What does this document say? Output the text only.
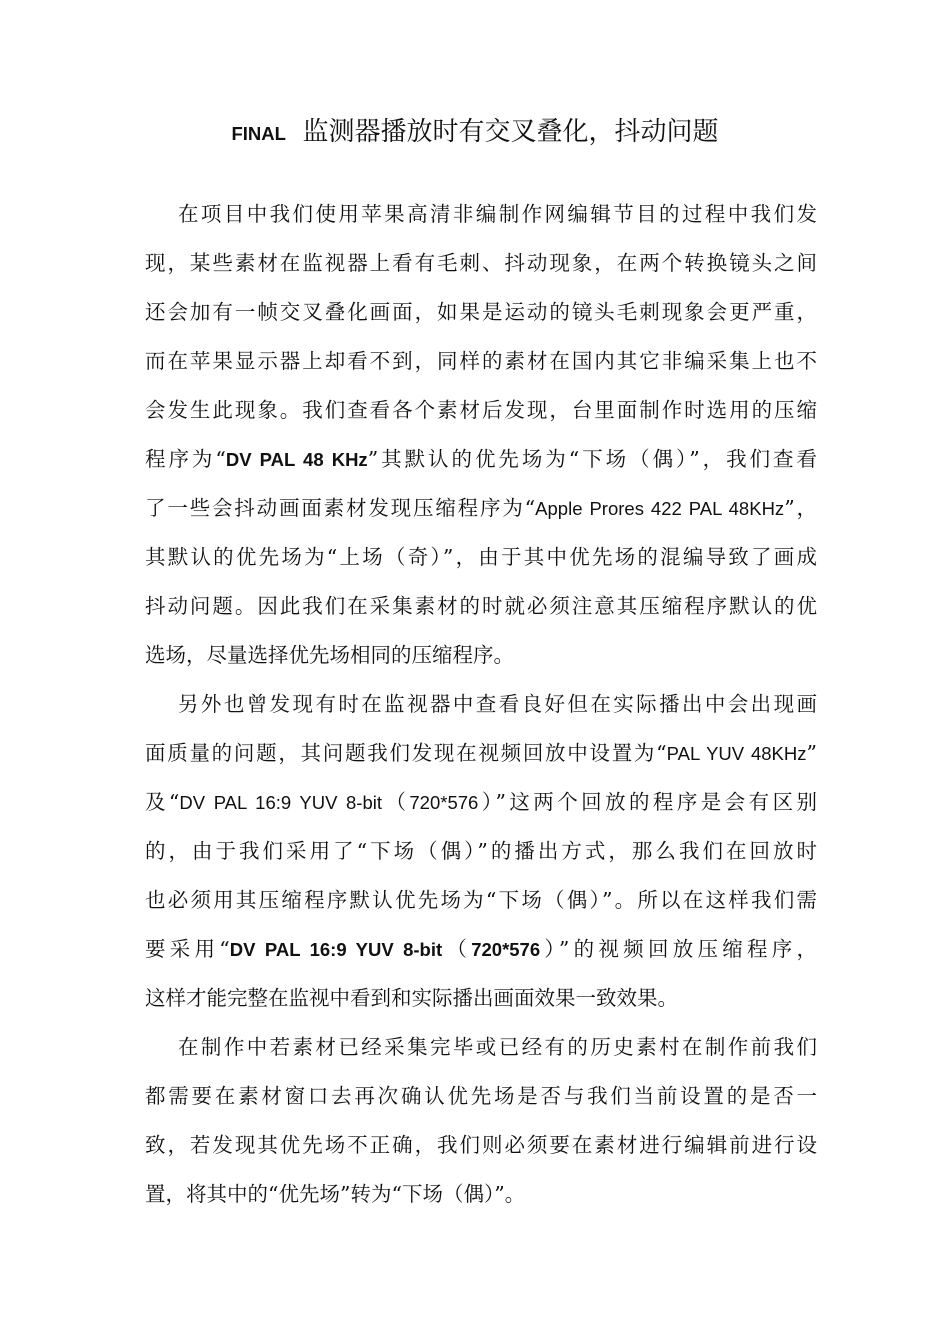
FINAL 监测器播放时有交叉叠化，抖动问题
在项目中我们使用苹果高清非编制作网编辑节目的过程中我们发
现，某些素材在监视器上看有毛刺、抖动现象，在两个转换镜头之间
还会加有一帧交叉叠化画面，如果是运动的镜头毛刺现象会更严重，
而在苹果显示器上却看不到，同样的素材在国内其它非编采集上也不
会发生此现象。我们查看各个素材后发现，台里面制作时选用的压缩
程序为“DV PAL 48 KHz”其默认的优先场为“下场（偶）”，我们查看
了一些会抖动画面素材发现压缩程序为“Apple Prores 422 PAL 48KHz”，
其默认的优先场为“上场（奇）”，由于其中优先场的混编导致了画成
抖动问题。因此我们在采集素材的时就必须注意其压缩程序默认的优
选场，尽量选择优先场相同的压缩程序。
另外也曾发现有时在监视器中查看良好但在实际播出中会出现画
面质量的问题，其问题我们发现在视频回放中设置为“PAL YUV 48KHz”
及“DV PAL 16:9 YUV 8-bit（720*576）”这两个回放的程序是会有区别
的，由于我们采用了“下场（偶）”的播出方式，那么我们在回放时
也必须用其压缩程序默认优先场为“下场（偶）”。所以在这样我们需
要采用“DV PAL 16:9 YUV 8-bit（720*576）”的视频回放压缩程序，
这样才能完整在监视中看到和实际播出画面效果一致效果。
在制作中若素材已经采集完毕或已经有的历史素村在制作前我们
都需要在素材窗口去再次确认优先场是否与我们当前设置的是否一
致，若发现其优先场不正确，我们则必须要在素材进行编辑前进行设
置，将其中的“优先场”转为“下场（偶）”。
